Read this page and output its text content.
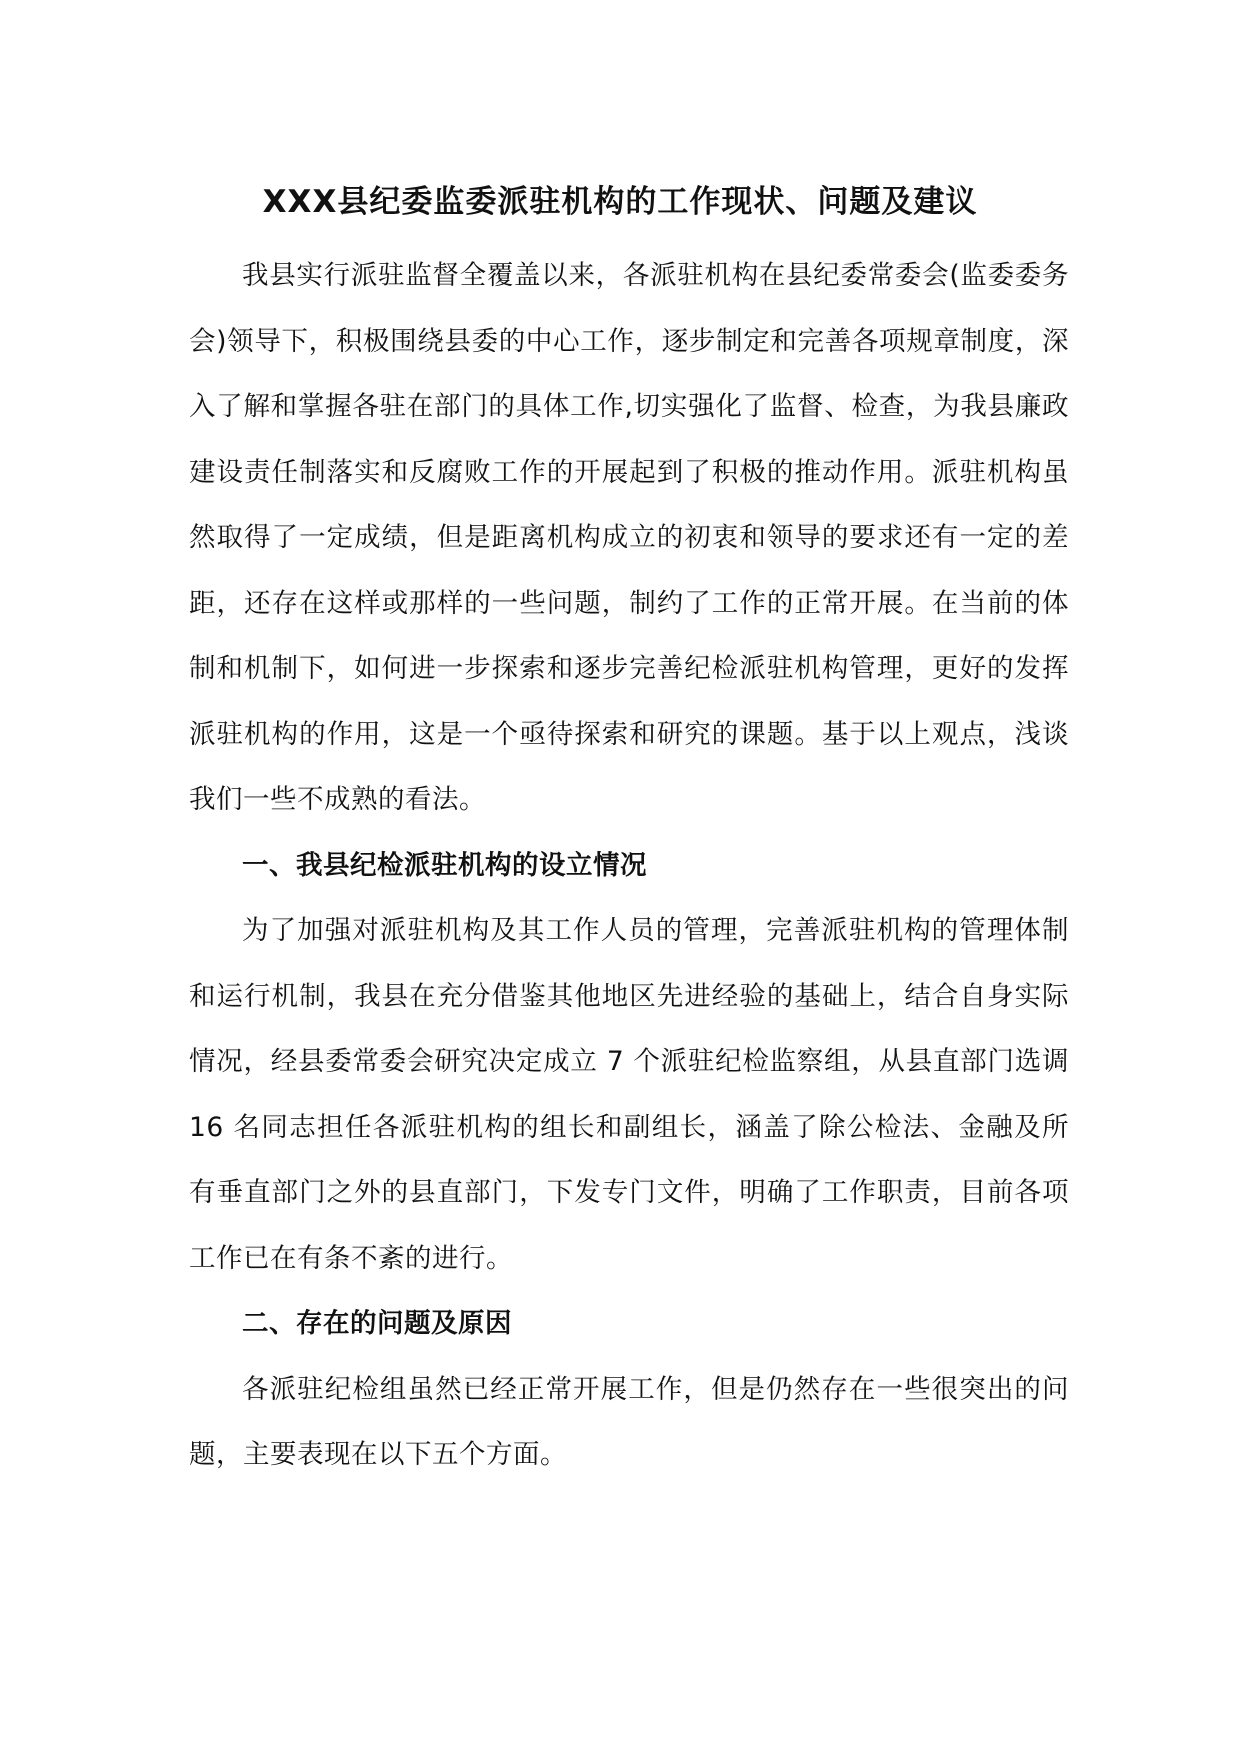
XXX县纪委监委派驻机构的工作现状、问题及建议

我县实行派驻监督全覆盖以来，各派驻机构在县纪委常委会(监委委务会)领导下，积极围绕县委的中心工作，逐步制定和完善各项规章制度，深入了解和掌握各驻在部门的具体工作,切实强化了监督、检查，为我县廉政建设责任制落实和反腐败工作的开展起到了积极的推动作用。派驻机构虽然取得了一定成绩，但是距离机构成立的初衷和领导的要求还有一定的差距，还存在这样或那样的一些问题，制约了工作的正常开展。在当前的体制和机制下，如何进一步探索和逐步完善纪检派驻机构管理，更好的发挥派驻机构的作用，这是一个亟待探索和研究的课题。基于以上观点，浅谈我们一些不成熟的看法。

一、我县纪检派驻机构的设立情况

为了加强对派驻机构及其工作人员的管理，完善派驻机构的管理体制和运行机制，我县在充分借鉴其他地区先进经验的基础上，结合自身实际情况，经县委常委会研究决定成立 7 个派驻纪检监察组，从县直部门选调 16 名同志担任各派驻机构的组长和副组长，涵盖了除公检法、金融及所有垂直部门之外的县直部门，下发专门文件，明确了工作职责，目前各项工作已在有条不紊的进行。

二、存在的问题及原因

各派驻纪检组虽然已经正常开展工作，但是仍然存在一些很突出的问题，主要表现在以下五个方面。
